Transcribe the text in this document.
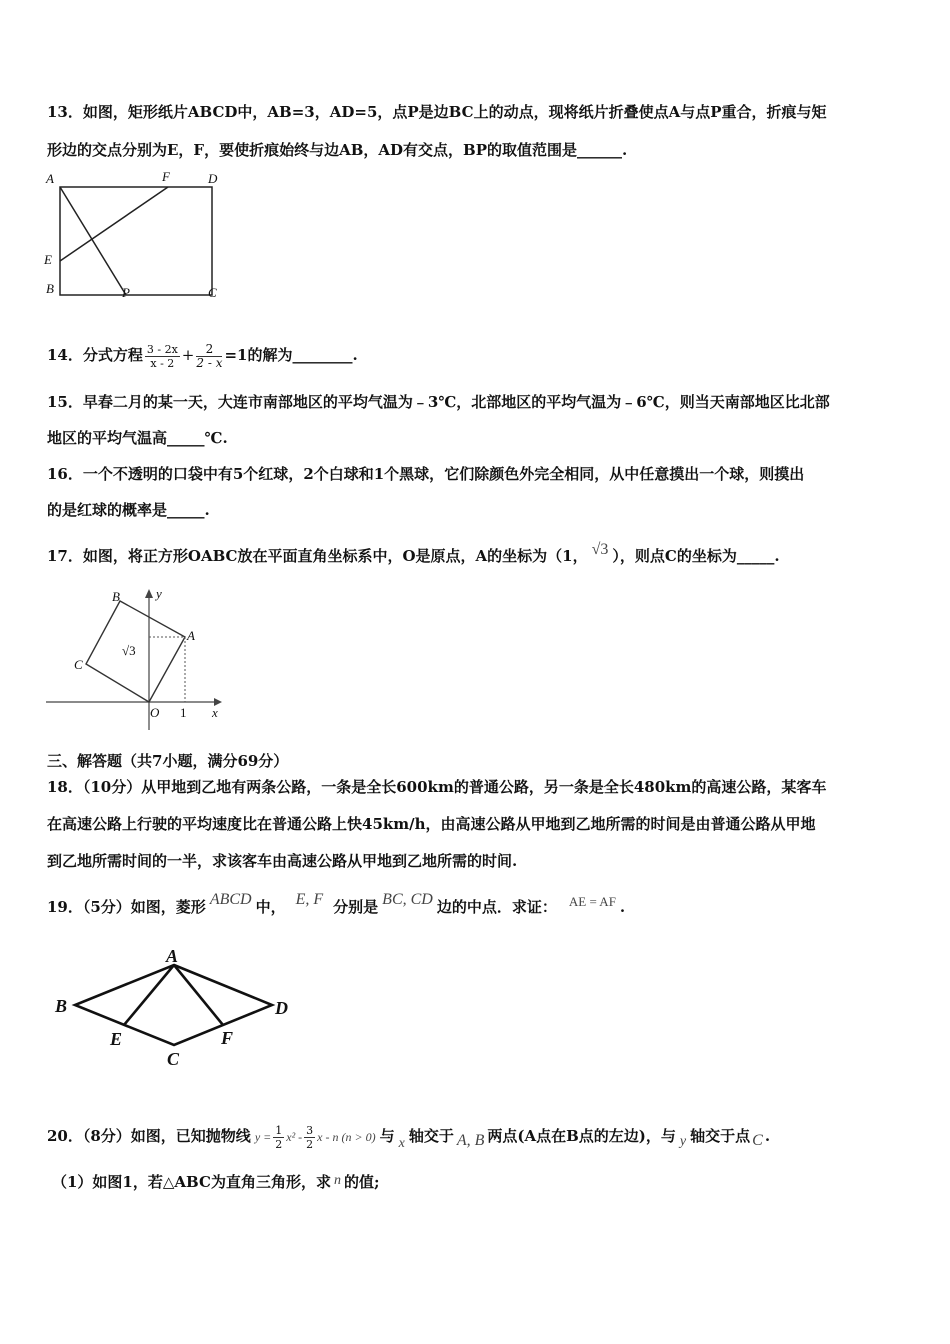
13．如图，矩形纸片ABCD中，AB=3，AD=5，点P是边BC上的动点，现将纸片折叠使点A与点P重合，折痕与矩
形边的交点分别为E，F，要使折痕始终与边AB，AD有交点，BP的取值范围是______.
A	F	D
E
B	P	C
14．分式方程 $\frac{3 - 2x}{x - 2} + \frac{2}{2 - x} =1$的解为________.
15．早春二月的某一天，大连市南部地区的平均气温为﹣3℃，北部地区的平均气温为﹣6℃，则当天南部地区比北部
地区的平均气温高_____℃.
16．一个不透明的口袋中有5个红球，2个白球和1个黑球，它们除颜色外完全相同，从中任意摸出一个球，则摸出
的是红球的概率是_____.
17．如图，将正方形OABC放在平面直角坐标系中，O是原点，A的坐标为（1， √3 ），则点C的坐标为_____.
B	y
A
√3
C
O 1 x
三、解答题（共7小题，满分69分）
18．（10分）从甲地到乙地有两条公路，一条是全长600km的普通公路，另一条是全长480km的高速公路，某客车
在高速公路上行驶的平均速度比在普通公路上快45km/h，由高速公路从甲地到乙地所需的时间是由普通公路从甲地
到乙地所需时间的一半，求该客车由高速公路从甲地到乙地所需的时间.
19．（5分）如图，菱形 ABCD 中， E, F 分别是 BC, CD 边的中点．求证： AE = AF .
A
B	D
E	F
C
20．（8分）如图，已知抛物线 $y = \frac{1}{2} x^2 - \frac{3}{2}$ x - n (n > 0) 与 x 轴交于 A, B 两点(A点在B点的左边)，与 y 轴交于点 C .
（1）如图1，若△ABC为直角三角形，求 n 的值;
